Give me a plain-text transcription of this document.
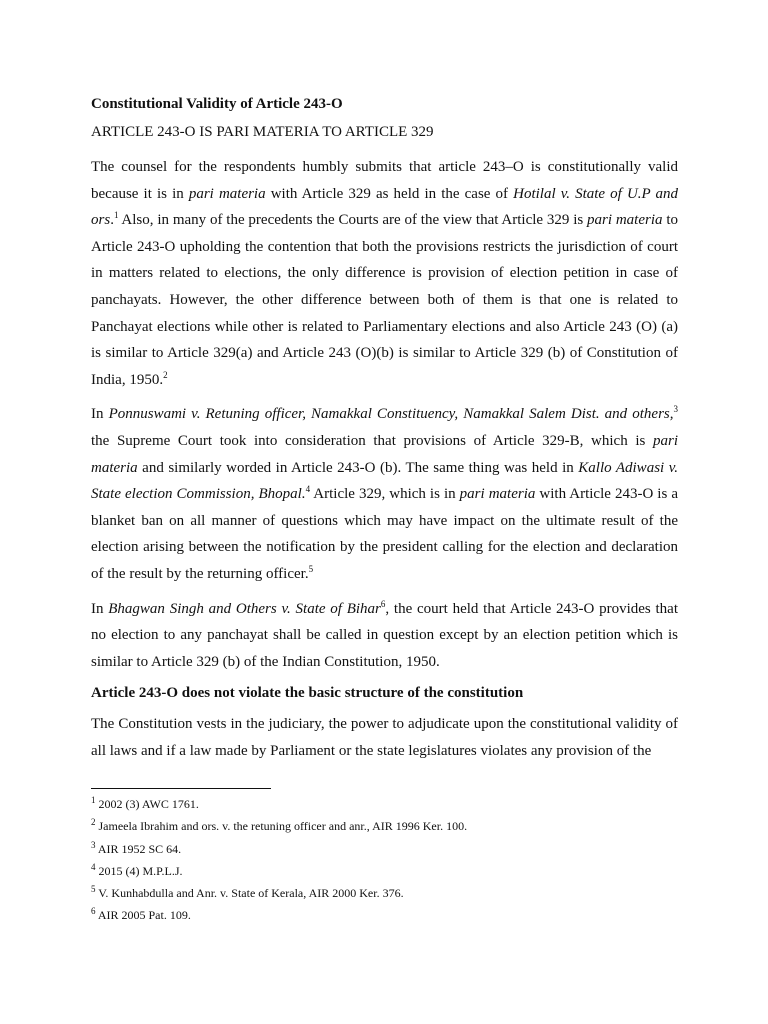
Constitutional Validity of Article 243-O
ARTICLE 243-O IS PARI MATERIA TO ARTICLE 329

The counsel for the respondents humbly submits that article 243–O is constitutionally valid because it is in pari materia with Article 329 as held in the case of Hotilal v. State of U.P and ors.$^1$ Also, in many of the precedents the Courts are of the view that Article 329 is pari materia to Article 243-O upholding the contention that both the provisions restricts the jurisdiction of court in matters related to elections, the only difference is provision of election petition in case of panchayats. However, the other difference between both of them is that one is related to Panchayat elections while other is related to Parliamentary elections and also Article 243 (O) (a) is similar to Article 329(a) and Article 243 (O)(b) is similar to Article 329 (b) of Constitution of India, 1950.$^2$

In Ponnuswami v. Retuning officer, Namakkal Constituency, Namakkal Salem Dist. and others,$^3$ the Supreme Court took into consideration that provisions of Article 329-B, which is pari materia and similarly worded in Article 243-O (b). The same thing was held in Kallo Adiwasi v. State election Commission, Bhopal.$^4$ Article 329, which is in pari materia with Article 243-O is a blanket ban on all manner of questions which may have impact on the ultimate result of the election arising between the notification by the president calling for the election and declaration of the result by the returning officer.$^5$

In Bhagwan Singh and Others v. State of Bihar$^6$, the court held that Article 243-O provides that no election to any panchayat shall be called in question except by an election petition which is similar to Article 329 (b) of the Indian Constitution, 1950.

Article 243-O does not violate the basic structure of the constitution

The Constitution vests in the judiciary, the power to adjudicate upon the constitutional validity of all laws and if a law made by Parliament or the state legislatures violates any provision of the

$^1$ 2002 (3) AWC 1761.
$^2$ Jameela Ibrahim and ors. v. the retuning officer and anr., AIR 1996 Ker. 100.
$^3$ AIR 1952 SC 64.
$^4$ 2015 (4) M.P.L.J.
$^5$ V. Kunhabdulla and Anr. v. State of Kerala, AIR 2000 Ker. 376.
$^6$ AIR 2005 Pat. 109.
